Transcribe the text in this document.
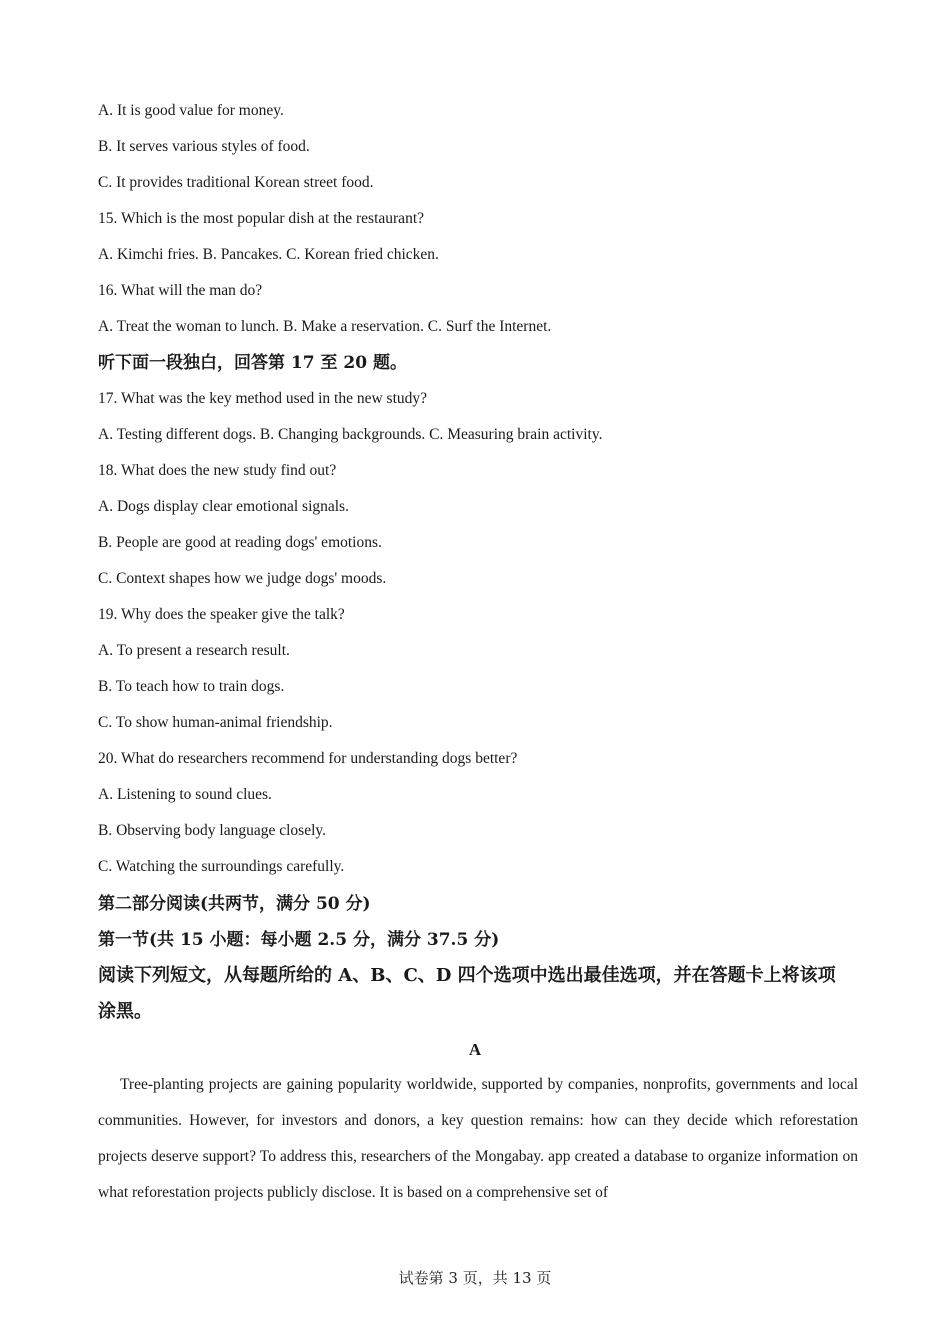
A. It is good value for money.
B. It serves various styles of food.
C. It provides traditional Korean street food.
15. Which is the most popular dish at the restaurant?
A. Kimchi fries. B. Pancakes. C. Korean fried chicken.
16. What will the man do?
A. Treat the woman to lunch. B. Make a reservation. C. Surf the Internet.
听下面一段独白，回答第 17 至 20 题。
17. What was the key method used in the new study?
A. Testing different dogs. B. Changing backgrounds. C. Measuring brain activity.
18. What does the new study find out?
A. Dogs display clear emotional signals.
B. People are good at reading dogs' emotions.
C. Context shapes how we judge dogs' moods.
19. Why does the speaker give the talk?
A. To present a research result.
B. To teach how to train dogs.
C. To show human-animal friendship.
20. What do researchers recommend for understanding dogs better?
A. Listening to sound clues.
B. Observing body language closely.
C. Watching the surroundings carefully.
第二部分阅读(共两节，满分 50 分)
第一节(共 15 小题：每小题 2.5 分，满分 37.5 分)
阅读下列短文，从每题所给的 A、B、C、D 四个选项中选出最佳选项，并在答题卡上将该项
涂黑。
A

Tree-planting projects are gaining popularity worldwide, supported by companies, nonprofits, governments and local communities. However, for investors and donors, a key question remains: how can they decide which reforestation projects deserve support? To address this, researchers of the Mongabay. app created a database to organize information on what reforestation projects publicly disclose. It is based on a comprehensive set of

试卷第 3 页，共 13 页
